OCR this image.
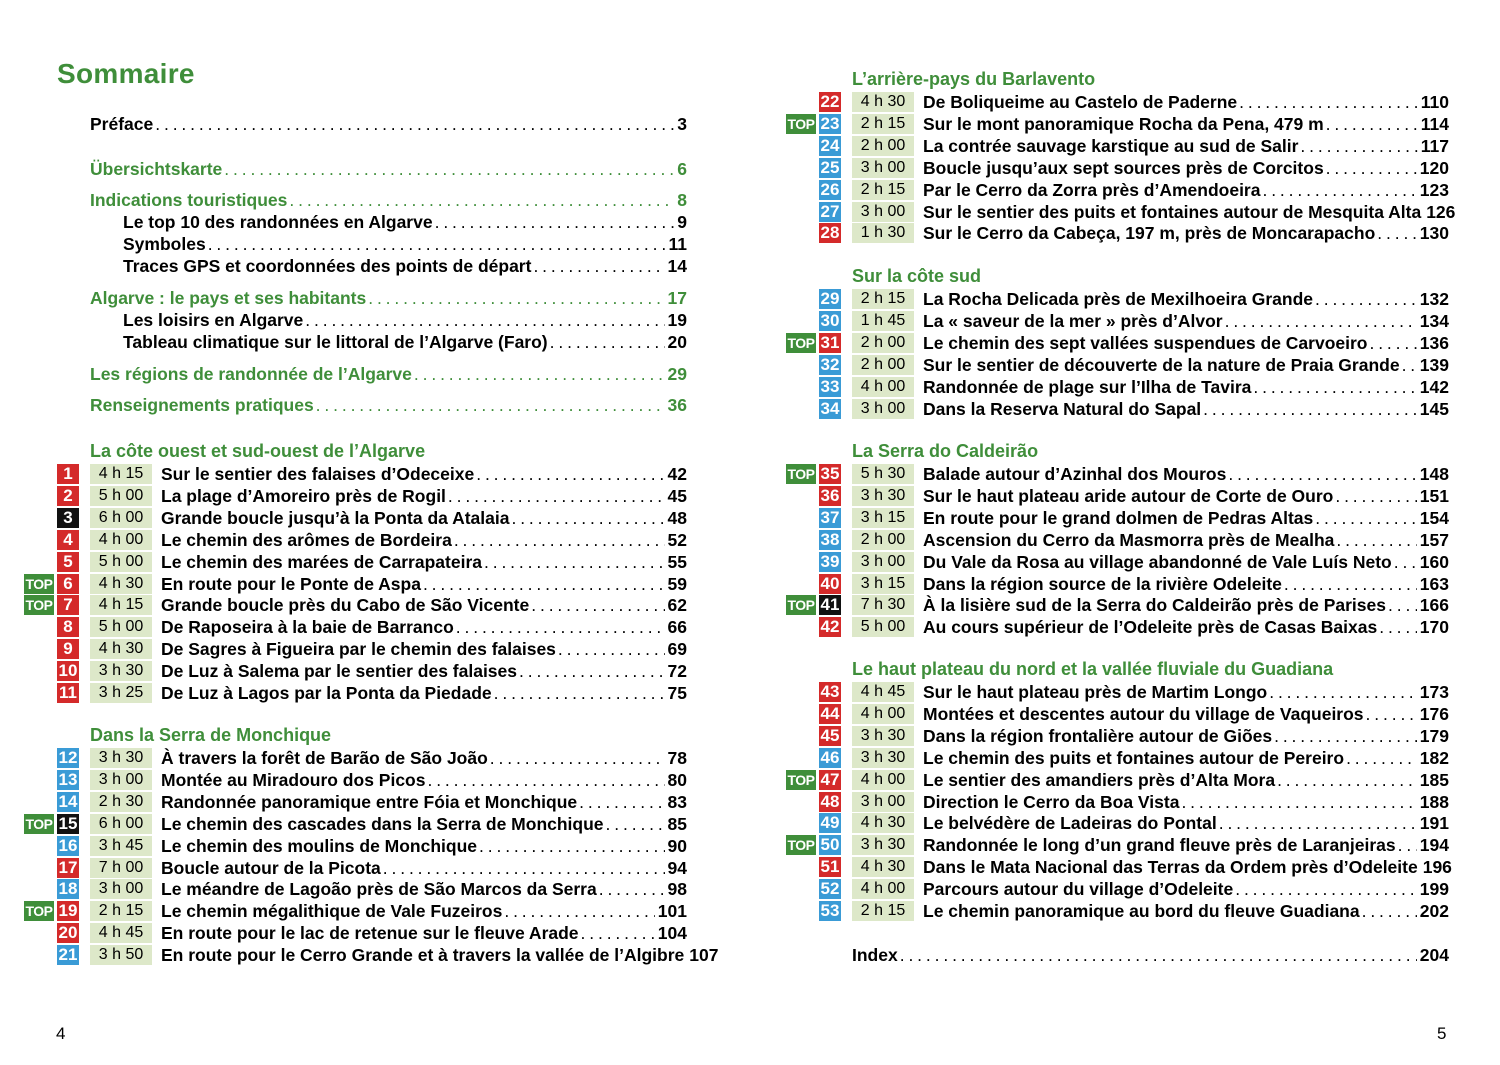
Sommaire
4	5
Préface . . .	3
Übersichtskarte . . .	6
Indications touristiques . . .	8
Le top 10 des randonnées en Algarve . . .	9
Symboles . . .	11
Traces GPS et coordonnées des points de départ . . .	14
Algarve : le pays et ses habitants . . .	17
Les loisirs en Algarve . . .	19
Tableau climatique sur le littoral de l’Algarve (Faro) . . .	20
Les régions de randonnée de l’Algarve . . .	29
Renseignements pratiques . . .	36
La côte ouest et sud-ouest de l’Algarve
1	4 h 15	Sur le sentier des falaises d’Odeceixe . . .	42
2	5 h 00	La plage d’Amoreiro près de Rogil . . .	45
3	6 h 00	Grande boucle jusqu’à la Ponta da Atalaia . . .	48
4	4 h 00	Le chemin des arômes de Bordeira . . .	52
5	5 h 00	Le chemin des marées de Carrapateira . . .	55
TOP 6	4 h 30	En route pour le Ponte de Aspa . . .	59
TOP 7	4 h 15	Grande boucle près du Cabo de São Vicente . . .	62
8	5 h 00	De Raposeira à la baie de Barranco . . .	66
9	4 h 30	De Sagres à Figueira par le chemin des falaises . . .	69
10	3 h 30	De Luz à Salema par le sentier des falaises . . .	72
11	3 h 25	De Luz à Lagos par la Ponta da Piedade . . .	75
Dans la Serra de Monchique
12	3 h 30	À travers la forêt de Barão de São João . . .	78
13	3 h 00	Montée au Miradouro dos Picos . . .	80
14	2 h 30	Randonnée panoramique entre Fóia et Monchique . . .	83
TOP 15	6 h 00	Le chemin des cascades dans la Serra de Monchique . . .	85
16	3 h 45	Le chemin des moulins de Monchique . . .	90
17	7 h 00	Boucle autour de la Picota . . .	94
18	3 h 00	Le méandre de Lagoão près de São Marcos da Serra . . .	98
TOP 19	2 h 15	Le chemin mégalithique de Vale Fuzeiros . . .	101
20	4 h 45	En route pour le lac de retenue sur le fleuve Arade . . .	104
21	3 h 50	En route pour le Cerro Grande et à travers la vallée de l’Algibre 107
L’arrière-pays du Barlavento
22	4 h 30	De Boliqueime au Castelo de Paderne . . .	110
TOP 23	2 h 15	Sur le mont panoramique Rocha da Pena, 479 m . . .	114
24	2 h 00	La contrée sauvage karstique au sud de Salir . . .	117
25	3 h 00	Boucle jusqu’aux sept sources près de Corcitos . . .	120
26	2 h 15	Par le Cerro da Zorra près d’Amendoeira . . .	123
27	3 h 00	Sur le sentier des puits et fontaines autour de Mesquita Alta 126
28	1 h 30	Sur le Cerro da Cabeça, 197 m, près de Moncarapacho . . .	130
Sur la côte sud
29	2 h 15	La Rocha Delicada près de Mexilhoeira Grande . . .	132
30	1 h 45	La « saveur de la mer » près d’Alvor . . .	134
TOP 31	2 h 00	Le chemin des sept vallées suspendues de Carvoeiro . . .	136
32	2 h 00	Sur le sentier de découverte de la nature de Praia Grande . . . 139
33	4 h 00	Randonnée de plage sur l’Ilha de Tavira . . .	142
34	3 h 00	Dans la Reserva Natural do Sapal . . .	145
La Serra do Caldeirão
TOP 35	5 h 30	Balade autour d’Azinhal dos Mouros . . .	148
36	3 h 30	Sur le haut plateau aride autour de Corte de Ouro . . .	151
37	3 h 15	En route pour le grand dolmen de Pedras Altas . . .	154
38	2 h 00	Ascension du Cerro da Masmorra près de Mealha . . .	157
39	3 h 00	Du Vale da Rosa au village abandonné de Vale Luís Neto . . . 160
40	3 h 15	Dans la région source de la rivière Odeleite . . .	163
TOP 41	7 h 30	À la lisière sud de la Serra do Caldeirão près de Parises . . . 166
42	5 h 00	Au cours supérieur de l’Odeleite près de Casas Baixas . . . 170
Le haut plateau du nord et la vallée fluviale du Guadiana
43	4 h 45	Sur le haut plateau près de Martim Longo . . .	173
44	4 h 00	Montées et descentes autour du village de Vaqueiros . . .	176
45	3 h 30	Dans la région frontalière autour de Giões . . .	179
46	3 h 30	Le chemin des puits et fontaines autour de Pereiro . . .	182
TOP 47	4 h 00	Le sentier des amandiers près d’Alta Mora . . .	185
48	3 h 00	Direction le Cerro da Boa Vista . . .	188
49	4 h 30	Le belvédère de Ladeiras do Pontal . . .	191
TOP 50	3 h 30	Randonnée le long d’un grand fleuve près de Laranjeiras . . . 194
51	4 h 30	Dans le Mata Nacional das Terras da Ordem près d’Odeleite 196
52	4 h 00	Parcours autour du village d’Odeleite . . .	199
53	2 h 15	Le chemin panoramique au bord du fleuve Guadiana . . .	202
Index . . .	204
